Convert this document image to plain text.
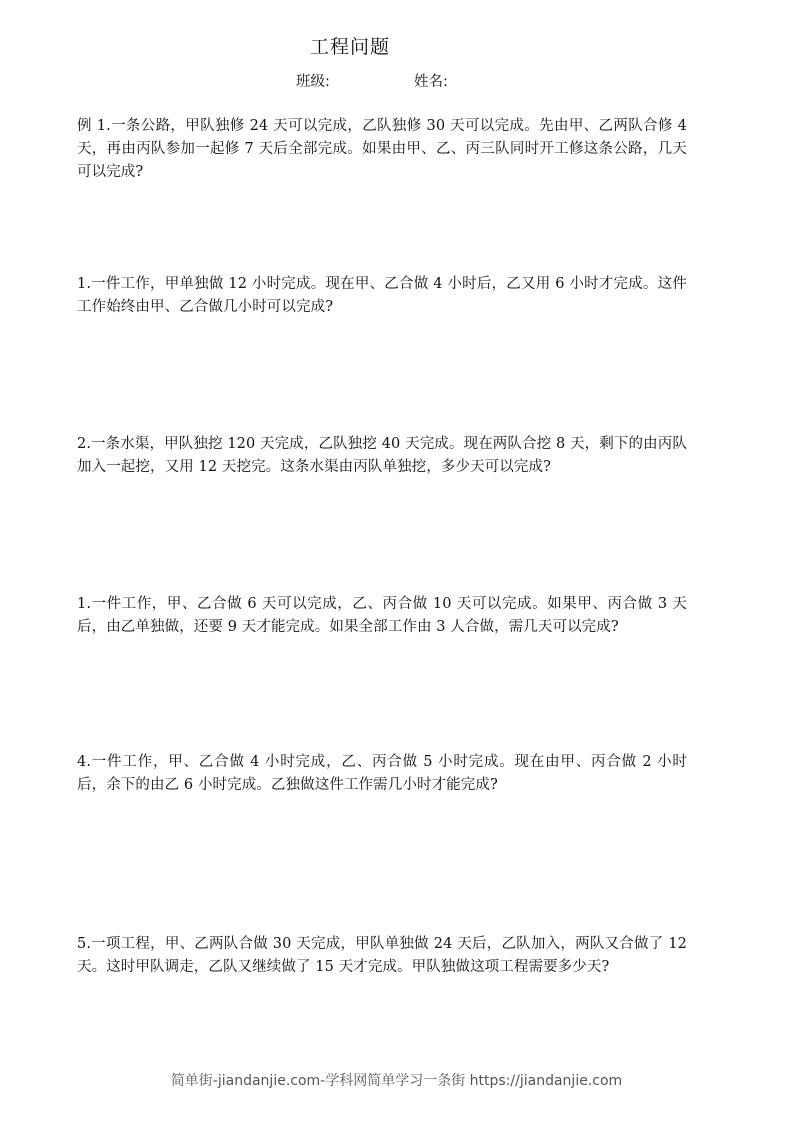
工程问题
班级:	姓名:
例 1.一条公路，甲队独修 24 天可以完成，乙队独修 30 天可以完成。先由甲、乙两队合修 4 天，再由丙队参加一起修 7 天后全部完成。如果由甲、乙、丙三队同时开工修这条公路，几天可以完成?
1.一件工作，甲单独做 12 小时完成。现在甲、乙合做 4 小时后，乙又用 6 小时才完成。这件工作始终由甲、乙合做几小时可以完成?
2.一条水渠，甲队独挖 120 天完成，乙队独挖 40 天完成。现在两队合挖 8 天，剩下的由丙队加入一起挖，又用 12 天挖完。这条水渠由丙队单独挖，多少天可以完成?
1.一件工作，甲、乙合做 6 天可以完成，乙、丙合做 10 天可以完成。如果甲、丙合做 3 天后，由乙单独做，还要 9 天才能完成。如果全部工作由 3 人合做，需几天可以完成?
4.一件工作，甲、乙合做 4 小时完成，乙、丙合做 5 小时完成。现在由甲、丙合做 2 小时后，余下的由乙 6 小时完成。乙独做这件工作需几小时才能完成?
5.一项工程，甲、乙两队合做 30 天完成，甲队单独做 24 天后，乙队加入，两队又合做了 12 天。这时甲队调走，乙队又继续做了 15 天才完成。甲队独做这项工程需要多少天?
简单街-jiandanjie.com-学科网简单学习一条街 https://jiandanjie.com
